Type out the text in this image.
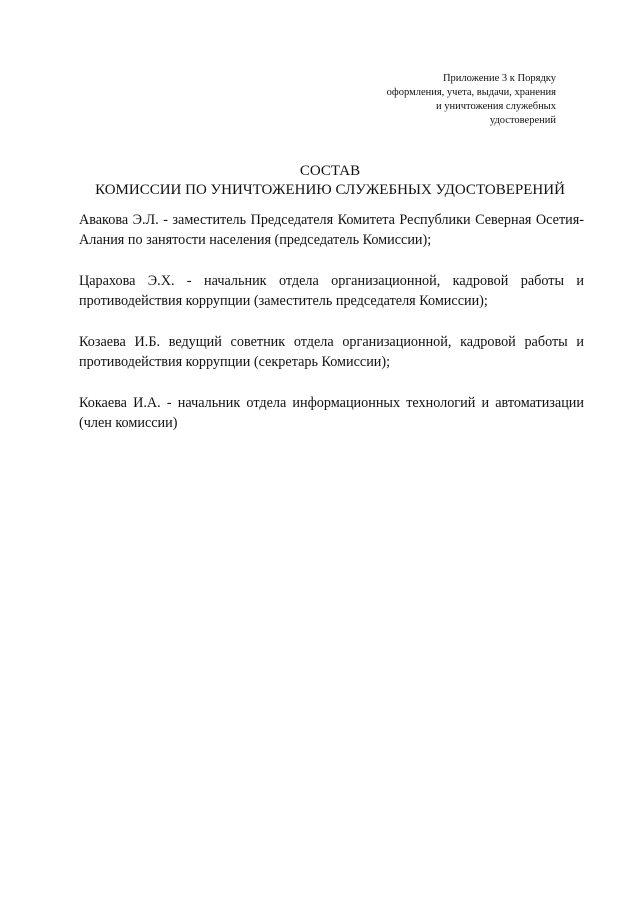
Приложение 3 к Порядку
оформления, учета, выдачи, хранения
и уничтожения служебных
удостоверений
СОСТАВ
КОМИССИИ ПО УНИЧТОЖЕНИЮ СЛУЖЕБНЫХ УДОСТОВЕРЕНИЙ

Авакова Э.Л. - заместитель Председателя Комитета Республики Северная Осетия-Алания по занятости населения (председатель Комиссии);

Царахова Э.Х. - начальник отдела организационной, кадровой работы и противодействия коррупции (заместитель председателя Комиссии);

Козаева И.Б. ведущий советник отдела организационной, кадровой работы и противодействия коррупции (секретарь Комиссии);

Кокаева И.А. - начальник отдела информационных технологий и автоматизации (член комиссии)
